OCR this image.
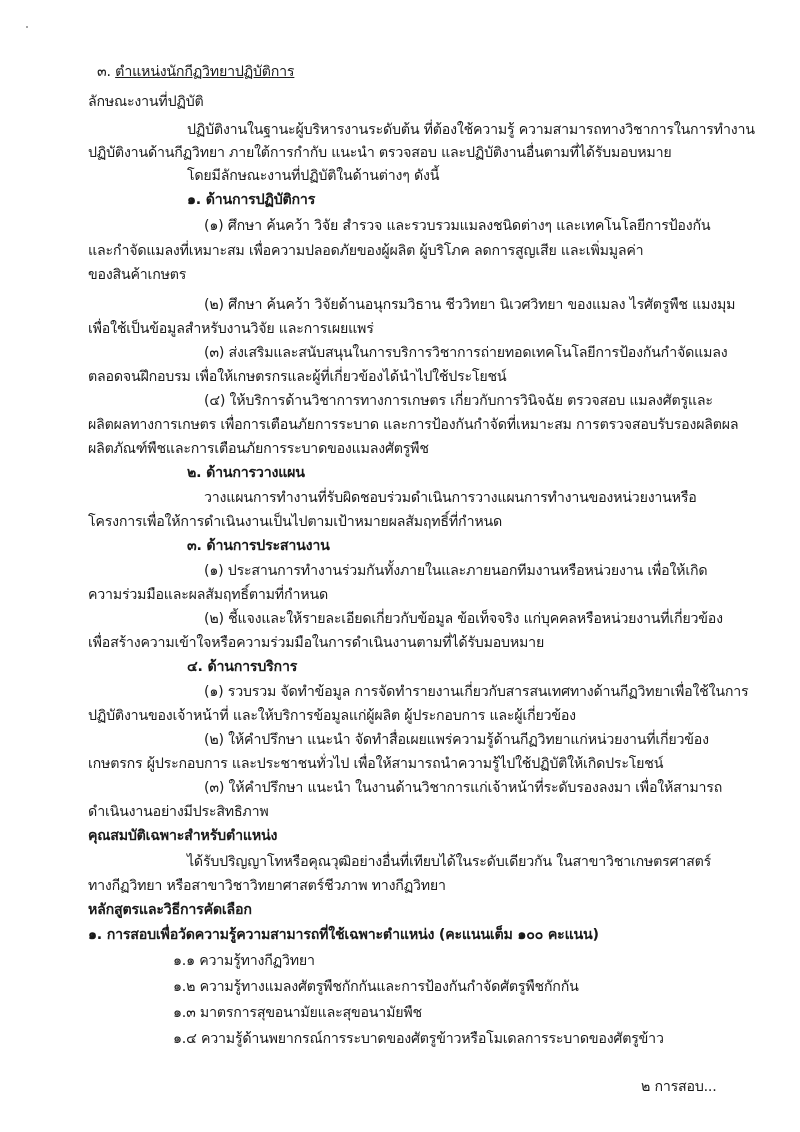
๓. ตำแหน่งนักกีฏวิทยาปฏิบัติการ
ลักษณะงานที่ปฏิบัติ
ปฏิบัติงานในฐานะผู้บริหารงานระดับต้น ที่ต้องใช้ความรู้ ความสามารถทางวิชาการในการทำงาน
ปฏิบัติงานด้านกีฏวิทยา ภายใต้การกำกับ แนะนำ ตรวจสอบ และปฏิบัติงานอื่นตามที่ได้รับมอบหมาย
โดยมีลักษณะงานที่ปฏิบัติในด้านต่างๆ ดังนี้
๑. ด้านการปฏิบัติการ
(๑) ศึกษา ค้นคว้า วิจัย สำรวจ และรวบรวมแมลงชนิดต่างๆ และเทคโนโลยีการป้องกัน
และกำจัดแมลงที่เหมาะสม เพื่อความปลอดภัยของผู้ผลิต ผู้บริโภค ลดการสูญเสีย และเพิ่มมูลค่า
ของสินค้าเกษตร
(๒) ศึกษา ค้นคว้า วิจัยด้านอนุกรมวิธาน ชีววิทยา นิเวศวิทยา ของแมลง ไรศัตรูพืช แมงมุม
เพื่อใช้เป็นข้อมูลสำหรับงานวิจัย และการเผยแพร่
(๓) ส่งเสริมและสนับสนุนในการบริการวิชาการถ่ายทอดเทคโนโลยีการป้องกันกำจัดแมลง
ตลอดจนฝึกอบรม เพื่อให้เกษตรกรและผู้ที่เกี่ยวข้องได้นำไปใช้ประโยชน์
(๔) ให้บริการด้านวิชาการทางการเกษตร เกี่ยวกับการวินิจฉัย ตรวจสอบ แมลงศัตรูและ
ผลิตผลทางการเกษตร เพื่อการเตือนภัยการระบาด และการป้องกันกำจัดที่เหมาะสม การตรวจสอบรับรองผลิตผล
ผลิตภัณฑ์พืชและการเตือนภัยการระบาดของแมลงศัตรูพืช
๒. ด้านการวางแผน
วางแผนการทำงานที่รับผิดชอบร่วมดำเนินการวางแผนการทำงานของหน่วยงานหรือ
โครงการเพื่อให้การดำเนินงานเป็นไปตามเป้าหมายผลสัมฤทธิ์ที่กำหนด
๓. ด้านการประสานงาน
(๑) ประสานการทำงานร่วมกันทั้งภายในและภายนอกทีมงานหรือหน่วยงาน เพื่อให้เกิด
ความร่วมมือและผลสัมฤทธิ์ตามที่กำหนด
(๒) ชี้แจงและให้รายละเอียดเกี่ยวกับข้อมูล ข้อเท็จจริง แก่บุคคลหรือหน่วยงานที่เกี่ยวข้อง
เพื่อสร้างความเข้าใจหรือความร่วมมือในการดำเนินงานตามที่ได้รับมอบหมาย
๔. ด้านการบริการ
(๑) รวบรวม จัดทำข้อมูล การจัดทำรายงานเกี่ยวกับสารสนเทศทางด้านกีฏวิทยาเพื่อใช้ในการ
ปฏิบัติงานของเจ้าหน้าที่ และให้บริการข้อมูลแก่ผู้ผลิต ผู้ประกอบการ และผู้เกี่ยวข้อง
(๒) ให้คำปรึกษา แนะนำ จัดทำสื่อเผยแพร่ความรู้ด้านกีฏวิทยาแก่หน่วยงานที่เกี่ยวข้อง
เกษตรกร ผู้ประกอบการ และประชาชนทั่วไป เพื่อให้สามารถนำความรู้ไปใช้ปฏิบัติให้เกิดประโยชน์
(๓) ให้คำปรึกษา แนะนำ ในงานด้านวิชาการแก่เจ้าหน้าที่ระดับรองลงมา เพื่อให้สามารถ
ดำเนินงานอย่างมีประสิทธิภาพ
คุณสมบัติเฉพาะสำหรับตำแหน่ง
ได้รับปริญญาโทหรือคุณวุฒิอย่างอื่นที่เทียบได้ในระดับเดียวกัน ในสาขาวิชาเกษตรศาสตร์
ทางกีฏวิทยา หรือสาขาวิชาวิทยาศาสตร์ชีวภาพ ทางกีฏวิทยา
หลักสูตรและวิธีการคัดเลือก
๑. การสอบเพื่อวัดความรู้ความสามารถที่ใช้เฉพาะตำแหน่ง (คะแนนเต็ม ๑๐๐ คะแนน)
๑.๑ ความรู้ทางกีฏวิทยา
๑.๒ ความรู้ทางแมลงศัตรูพืชกักกันและการป้องกันกำจัดศัตรูพืชกักกัน
๑.๓ มาตรการสุขอนามัยและสุขอนามัยพืช
๑.๔ ความรู้ด้านพยากรณ์การระบาดของศัตรูข้าวหรือโมเดลการระบาดของศัตรูข้าว
๒ การสอบ...
